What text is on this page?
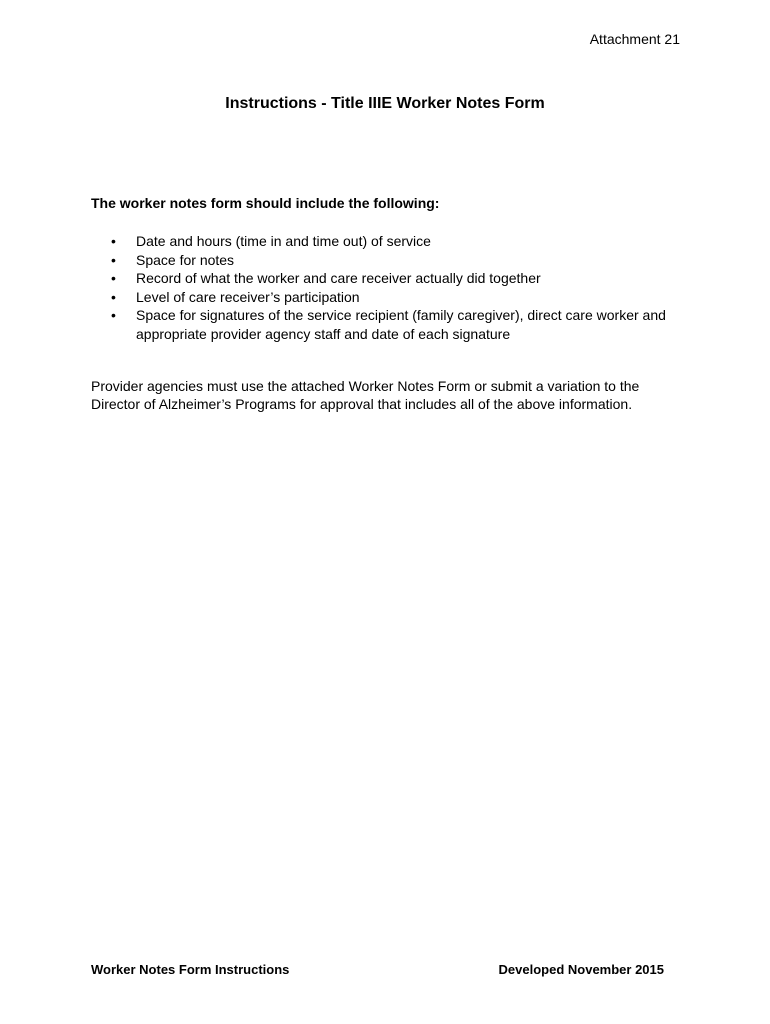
Attachment 21
Instructions - Title IIIE Worker Notes Form

The worker notes form should include the following:

• Date and hours (time in and time out) of service
• Space for notes
• Record of what the worker and care receiver actually did together
• Level of care receiver’s participation
• Space for signatures of the service recipient (family caregiver), direct care worker and appropriate provider agency staff and date of each signature

Provider agencies must use the attached Worker Notes Form or submit a variation to the Director of Alzheimer’s Programs for approval that includes all of the above information.

Worker Notes Form Instructions	Developed November 2015
